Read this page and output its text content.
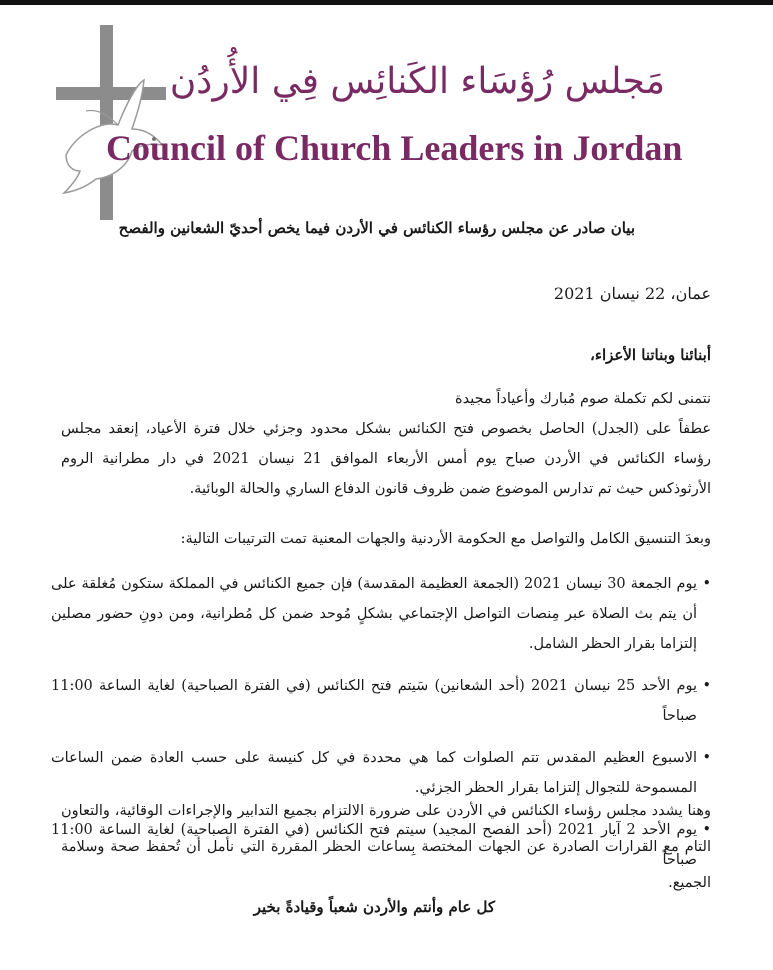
مَجلس رُؤسَاء الكَنائِس فِي الأُردُن
Council of Church Leaders in Jordan
بيان صادر عن مجلس رؤساء الكنائس في الأردن فيما يخص أحديّ الشعانين والفصح
عمان، 22 نيسان 2021
أبنائنا وبناتنا الأعزاء،
نتمنى لكم تكملة صوم مُبارك وأعياداً مجيدة
عطفاً على (الجدل) الحاصل بخصوص فتح الكنائس بشكل محدود وجزئي خلال فترة الأعياد، إنعقد مجلس رؤساء الكنائس في الأردن صباح يوم أمس الأربعاء الموافق 21 نيسان 2021 في دار مطرانية الروم الأرثوذكس حيث تم تدارس الموضوع ضمن ظروف قانون الدفاع الساري والحالة الوبائية.
وبعدَ التنسيق الكامل والتواصل مع الحكومة الأردنية والجهات المعنية تمت الترتيبات التالية:
• يوم الجمعة 30 نيسان 2021 (الجمعة العظيمة المقدسة) فإن جميع الكنائس في المملكة ستكون مُغلقة على أن يتم بث الصلاة عبر مِنصات التواصل الإجتماعي بشكلٍ مُوحد ضمن كل مُطرانية، ومن دونِ حضور مصلين إلتزاما بقرار الحظر الشامل.
• يوم الأحد 25 نيسان 2021 (أحد الشعانين) سَيتم فتح الكنائس (في الفترة الصباحية) لغاية الساعة 11:00 صباحاً
• الاسبوع العظيم المقدس تتم الصلوات كما هي محددة في كل كنيسة على حسب العادة ضمن الساعات المسموحة للتجوال إلتزاما بقرار الحظر الجزئي.
• يوم الأحد 2 آيار 2021 (أحد الفصح المجيد) سيتم فتح الكنائس (في الفترة الصباحية) لغاية الساعة 11:00 صباحاً
وهنا يشدد مجلس رؤساء الكنائس في الأردن على ضرورة الالتزام بجميع التدابير والإجراءات الوقائية، والتعاون التام مع القرارات الصادرة عن الجهات المختصة بِساعات الحظر المقررة التي نأمل أن تُحفظ صحة وسلامة الجميع.
كل عام وأنتم والأردن شعباً وقيادةً بخير
